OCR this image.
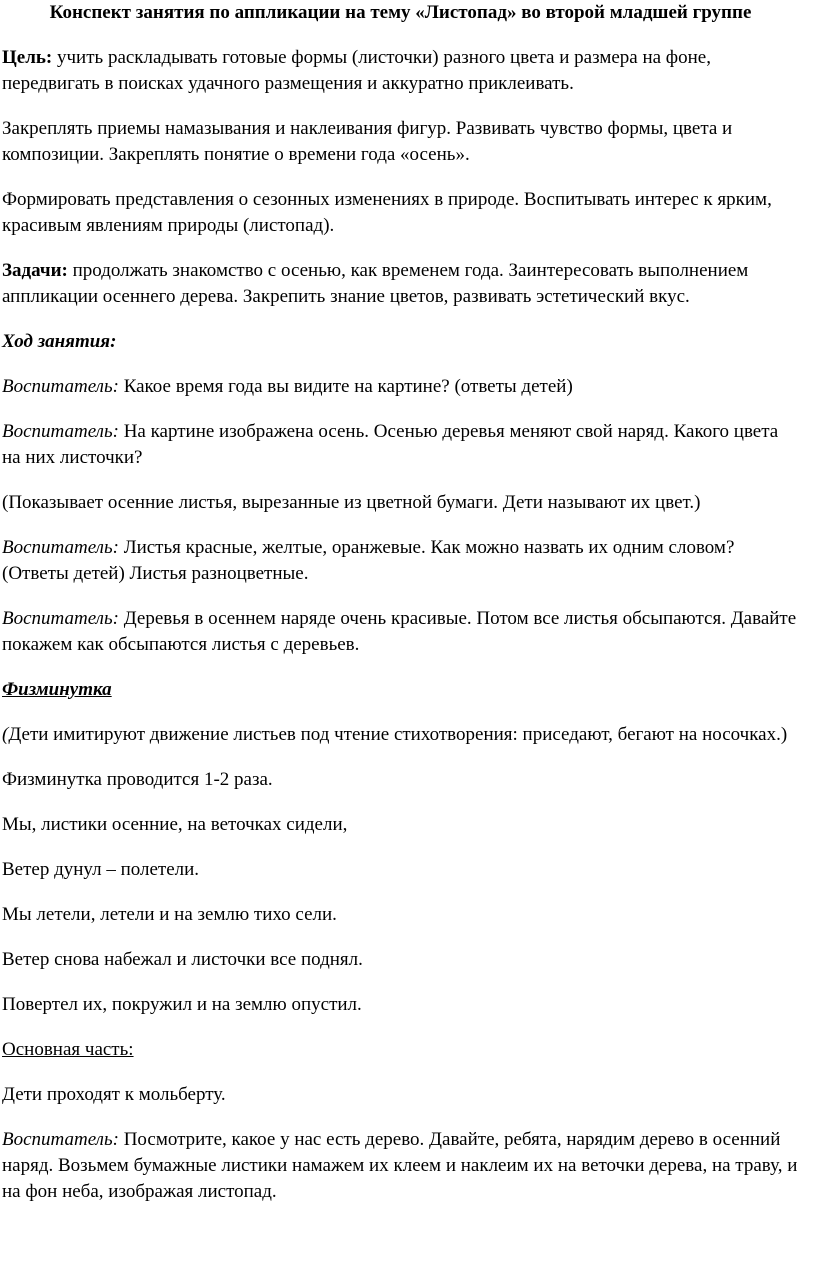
Конспект занятия по аппликации на тему «Листопад» во второй младшей группе

Цель: учить раскладывать готовые формы (листочки) разного цвета и размера на фоне, передвигать в поисках удачного размещения и аккуратно приклеивать.

Закреплять приемы намазывания и наклеивания фигур. Развивать чувство формы, цвета и композиции. Закреплять понятие о времени года «осень».

Формировать представления о сезонных изменениях в природе. Воспитывать интерес к ярким, красивым явлениям природы (листопад).

Задачи: продолжать знакомство с осенью, как временем года. Заинтересовать выполнением аппликации осеннего дерева. Закрепить знание цветов, развивать эстетический вкус.

Ход занятия:

Воспитатель: Какое время года вы видите на картине? (ответы детей)

Воспитатель: На картине изображена осень. Осенью деревья меняют свой наряд. Какого цвета на них листочки?

(Показывает осенние листья, вырезанные из цветной бумаги. Дети называют их цвет.)

Воспитатель: Листья красные, желтые, оранжевые. Как можно назвать их одним словом? (Ответы детей) Листья разноцветные.

Воспитатель: Деревья в осеннем наряде очень красивые. Потом все листья обсыпаются. Давайте покажем как обсыпаются листья с деревьев.

Физминутка

(Дети имитируют движение листьев под чтение стихотворения: приседают, бегают на носочках.)

Физминутка проводится 1-2 раза.

Мы, листики осенние, на веточках сидели,

Ветер дунул – полетели.

Мы летели, летели и на землю тихо сели.

Ветер снова набежал и листочки все поднял.

Повертел их, покружил и на землю опустил.

Основная часть:

Дети проходят к мольберту.

Воспитатель: Посмотрите, какое у нас есть дерево. Давайте, ребята, нарядим дерево в осенний наряд. Возьмем бумажные листики намажем их клеем и наклеим их на веточки дерева, на траву, и на фон неба, изображая листопад.
